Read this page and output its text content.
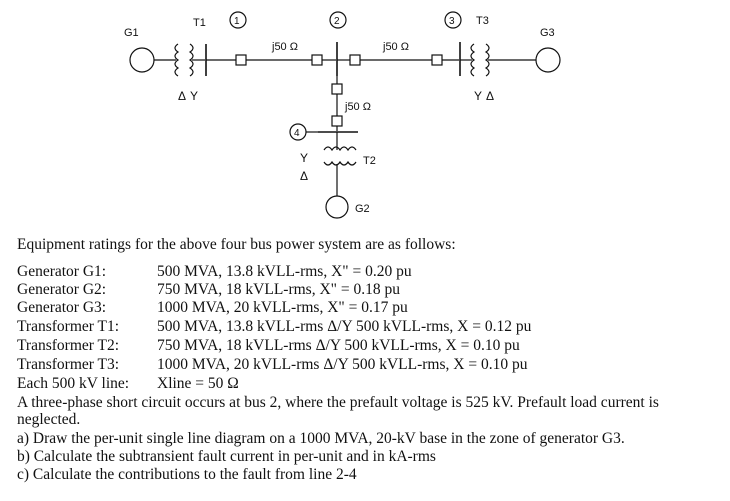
G1
G2
G3
T1
T2
T3
1	2	3
4
j50 Ω	j50 Ω
j50 Ω
Δ Y	Y Δ
Y
Δ
Equipment ratings for the above four bus power system are as follows:
Generator G1:	500 MVA, 13.8 kVLL-rms, X" = 0.20 pu
Generator G2:	750 MVA, 18 kVLL-rms, X" = 0.18 pu
Generator G3:	1000 MVA, 20 kVLL-rms, X" = 0.17 pu
Transformer T1: 500 MVA, 13.8 kVLL-rms Δ/Y 500 kVLL-rms, X = 0.12 pu
Transformer T2: 750 MVA, 18 kVLL-rms Δ/Y 500 kVLL-rms, X = 0.10 pu
Transformer T3: 1000 MVA, 20 kVLL-rms Δ/Y 500 kVLL-rms, X = 0.10 pu
Each 500 kV line: Xline = 50 Ω
A three-phase short circuit occurs at bus 2, where the prefault voltage is 525 kV. Prefault load current is neglected.
a) Draw the per-unit single line diagram on a 1000 MVA, 20-kV base in the zone of generator G3.
b) Calculate the subtransient fault current in per-unit and in kA-rms
c) Calculate the contributions to the fault from line 2-4
